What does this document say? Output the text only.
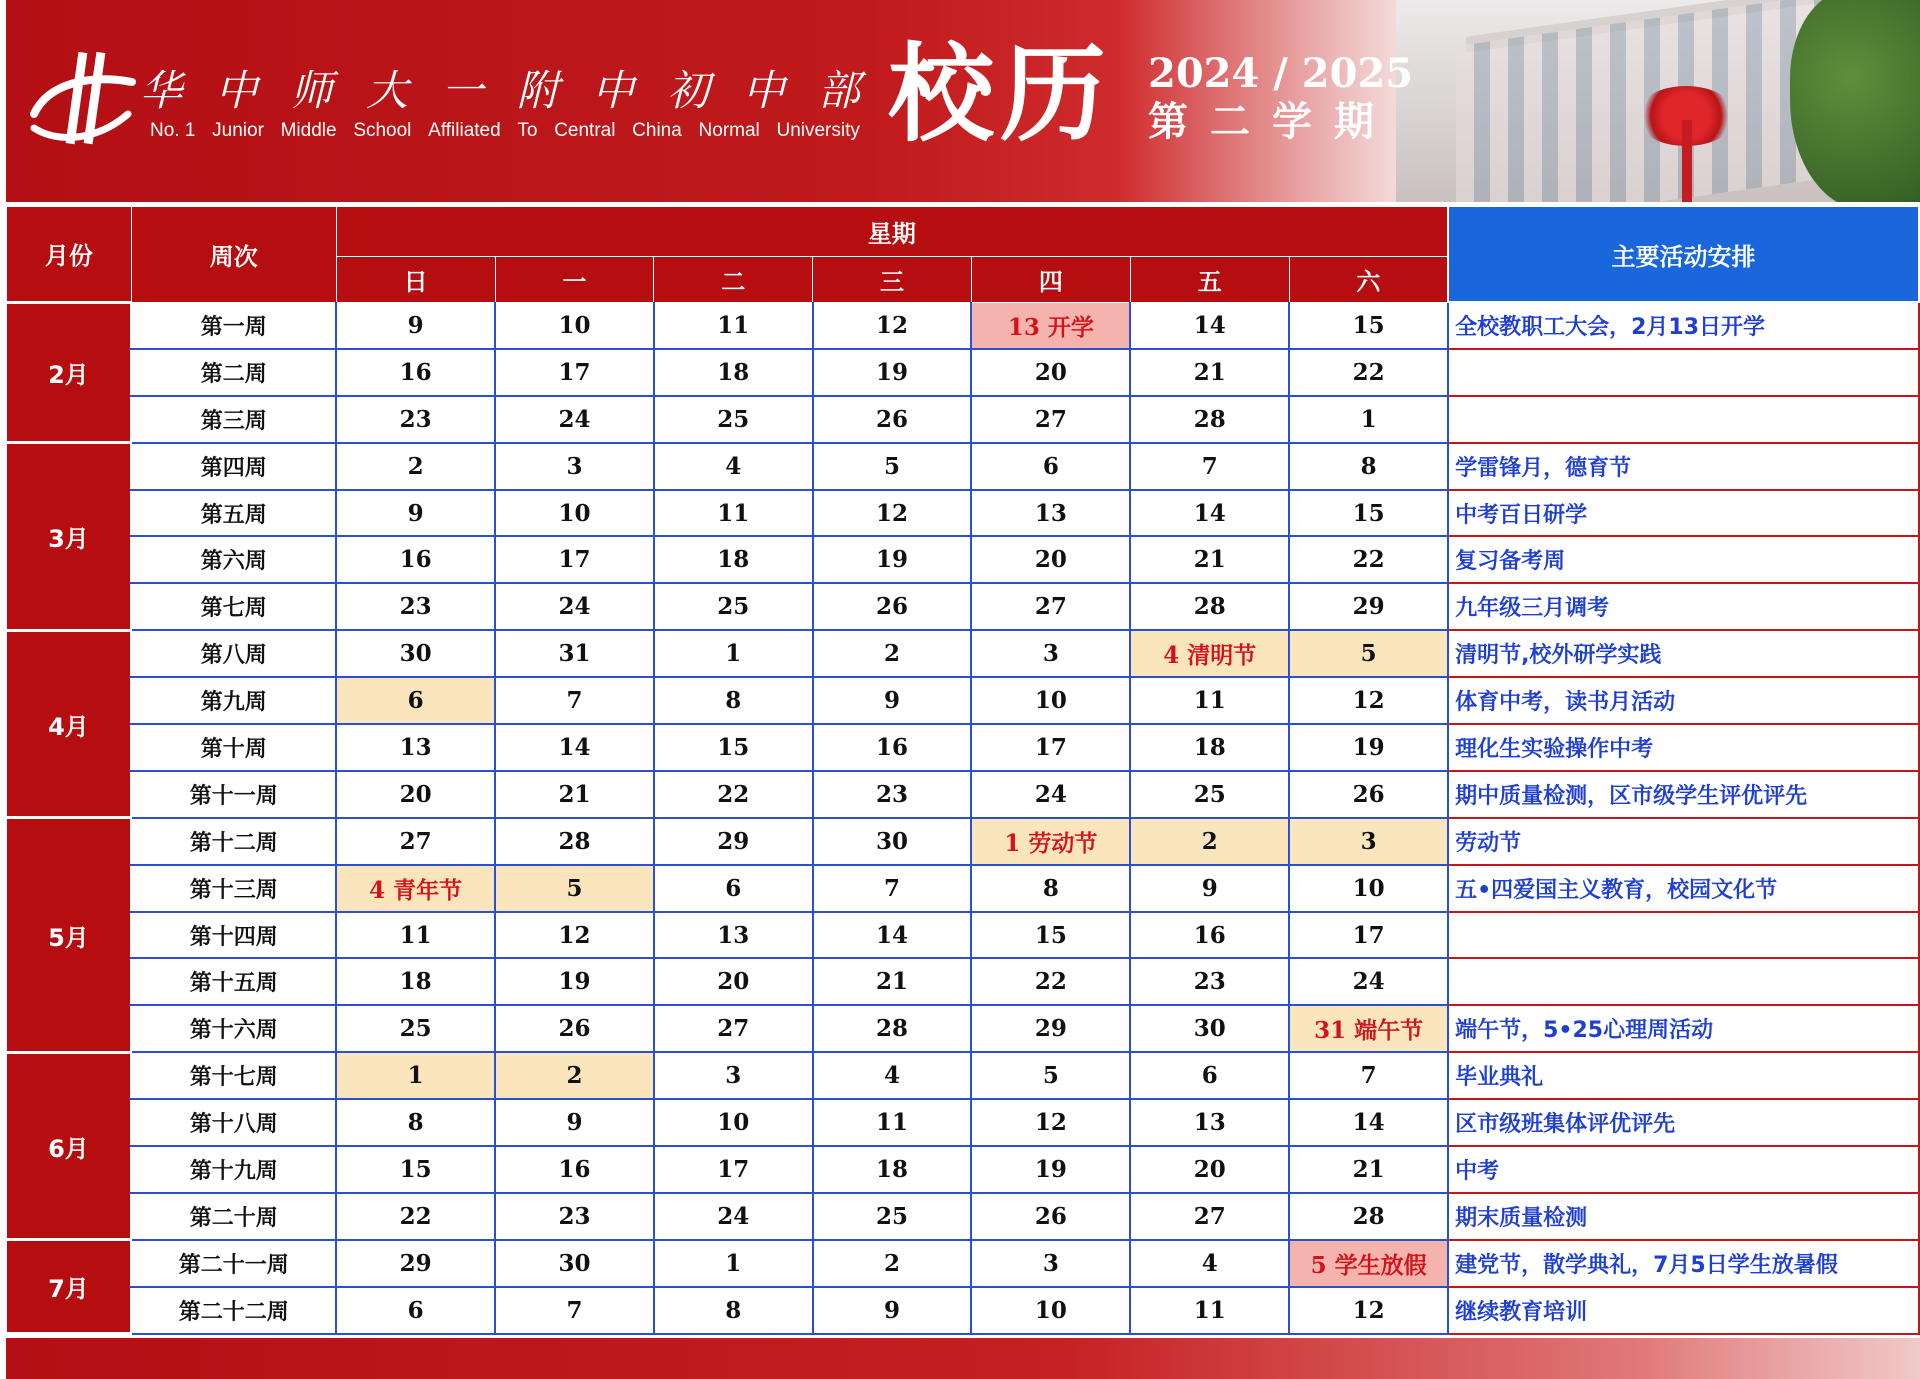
华 中 师 大 一 附 中 初 中 部
No. 1 Junior Middle School Affiliated To Central China Normal University 校历 2024 / 2025
第二学期
月份	周次	星期							主要活动安排
		日	一	二	三	四	五	六	
2月	第一周	9	10	11	12	13 开学	14	15	全校教职工大会，2月13日开学
	第二周	16	17	18	19	20	21	22	
	第三周	23	24	25	26	27	28	1	
3月	第四周	2	3	4	5	6	7	8	学雷锋月，德育节
	第五周	9	10	11	12	13	14	15	中考百日研学
	第六周	16	17	18	19	20	21	22	复习备考周
	第七周	23	24	25	26	27	28	29	九年级三月调考
4月	第八周	30	31	1	2	3	4 清明节	5	清明节,校外研学实践
	第九周	6	7	8	9	10	11	12	体育中考，读书月活动
	第十周	13	14	15	16	17	18	19	理化生实验操作中考
	第十一周	20	21	22	23	24	25	26	期中质量检测，区市级学生评优评先
5月	第十二周	27	28	29	30	1 劳动节	2	3	劳动节
	第十三周	4 青年节	5	6	7	8	9	10	五•四爱国主义教育，校园文化节
	第十四周	11	12	13	14	15	16	17	
	第十五周	18	19	20	21	22	23	24	
	第十六周	25	26	27	28	29	30	31 端午节	端午节，5•25心理周活动
6月	第十七周	1	2	3	4	5	6	7	毕业典礼
	第十八周	8	9	10	11	12	13	14	区市级班集体评优评先
	第十九周	15	16	17	18	19	20	21	中考
	第二十周	22	23	24	25	26	27	28	期末质量检测
7月	第二十一周	29	30	1	2	3	4	5 学生放假	建党节，散学典礼，7月5日学生放暑假
	第二十二周	6	7	8	9	10	11	12	继续教育培训
